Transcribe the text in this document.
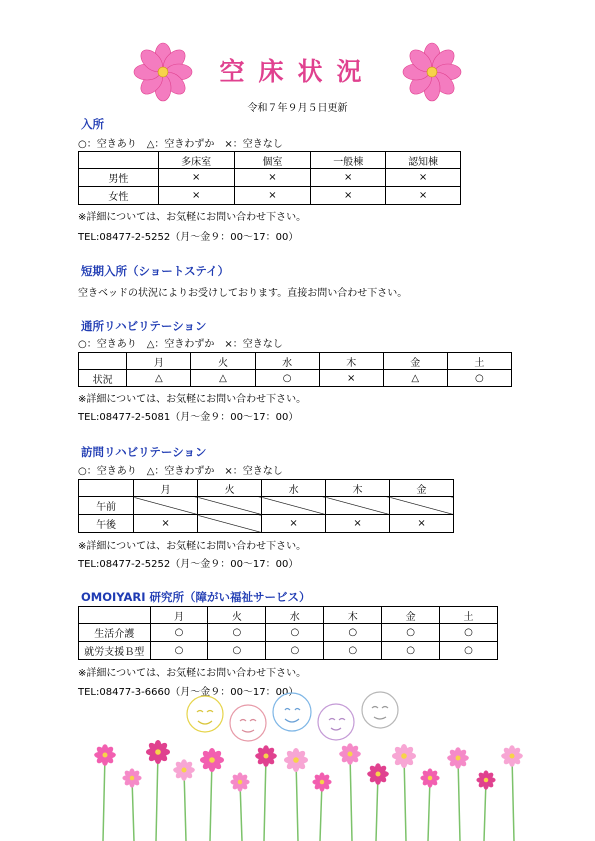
空床状況
令和７年９月５日更新
入所
○：空きあり　△：空きわずか　×：空きなし
	多床室	個室	一般棟	認知棟
男性	×	×	×	×
女性	×	×	×	×
※詳細については、お気軽にお問い合わせ下さい。
TEL:08477-2-5252（月～金９：00～17：00）
短期入所（ショートステイ）
空きベッドの状況によりお受けしております。直接お問い合わせ下さい。
通所リハビリテーション
○：空きあり　△：空きわずか　×：空きなし
	月	火	水	木	金	土
状況	△	△	○	×	△	○
※詳細については、お気軽にお問い合わせ下さい。
TEL:08477-2-5081（月～金９：00～17：00）
訪問リハビリテーション
○：空きあり　△：空きわずか　×：空きなし
	月	火	水	木	金
午前					
午後	×		×	×	×
※詳細については、お気軽にお問い合わせ下さい。
TEL:08477-2-5252（月～金９：00～17：00）
OMOIYARI 研究所（障がい福祉サービス）
	月	火	水	木	金	土
生活介護	○	○	○	○	○	○
就労支援Ｂ型	○	○	○	○	○	○
※詳細については、お気軽にお問い合わせ下さい。
TEL:08477-3-6660（月～金９：00～17：00）
